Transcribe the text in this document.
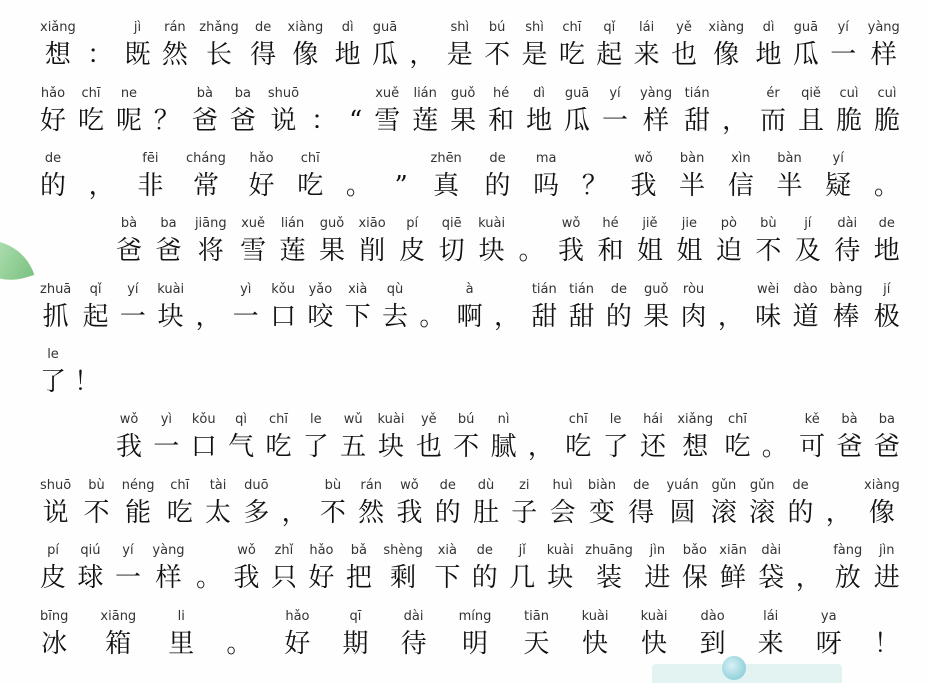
xiǎng
想 ：
jì
既
rán
然
zhǎng
长
de
得
xiàng
像
dì
地
guā
瓜 ，
shì
是
bú
不
shì
是
chī
吃
qǐ
起
lái
来
yě
也
xiàng
像
dì
地
guā
瓜
yí
一
yàng
样
hǎo
好
chī
吃
ne
呢 ？
bà
爸
ba
爸
shuō
说 ： “
xuě
雪
lián
莲
guǒ
果
hé
和
dì
地
guā
瓜
yí
一
yàng
样
tián
甜 ，
ér
而
qiě
且
cuì
脆
cuì
脆
de
的 ，
fēi
非
cháng
常
hǎo
好
chī
吃 。 ”
zhēn
真
de
的
ma
吗 ？
wǒ
我
bàn
半
xìn
信
bàn
半
yí
疑 。
bà
爸
ba
爸
jiāng
将
xuě
雪
lián
莲
guǒ
果
xiāo
削
pí
皮
qiē
切
kuài
块 。
wǒ
我
hé
和
jiě
姐
jie
姐
pò
迫
bù
不
jí
及
dài
待
de
地
zhuā
抓
qǐ
起
yí
一
kuài
块 ，
yì
一
kǒu
口
yǎo
咬
xià
下
qù
去 。
à
啊 ，
tián
甜
tián
甜
de
的
guǒ
果
ròu
肉 ，
wèi
味
dào
道
bàng
棒
jí
极
le
了 ！
wǒ
我
yì
一
kǒu
口
qì
气
chī
吃
le
了
wǔ
五
kuài
块
yě
也
bú
不
nì
腻 ，
chī
吃
le
了
hái
还
xiǎng
想
chī
吃 。
kě
可
bà
爸
ba
爸
shuō
说
bù
不
néng
能
chī
吃
tài
太
duō
多 ，
bù
不
rán
然
wǒ
我
de
的
dù
肚
zi
子
huì
会
biàn
变
de
得
yuán
圆
gǔn
滚
gǔn
滚
de
的 ，
xiàng
像
pí
皮
qiú
球
yí
一
yàng
样 。
wǒ
我
zhǐ
只
hǎo
好
bǎ
把
shèng
剩
xià
下
de
的
jǐ
几
kuài
块
zhuāng
装
jìn
进
bǎo
保
xiān
鲜
dài
袋 ，
fàng
放
jìn
进
bīng
冰
xiāng
箱
li
里 。
hǎo
好
qī
期
dài
待
míng
明
tiān
天
kuài
快
kuài
快
dào
到
lái
来
ya
呀 ！
